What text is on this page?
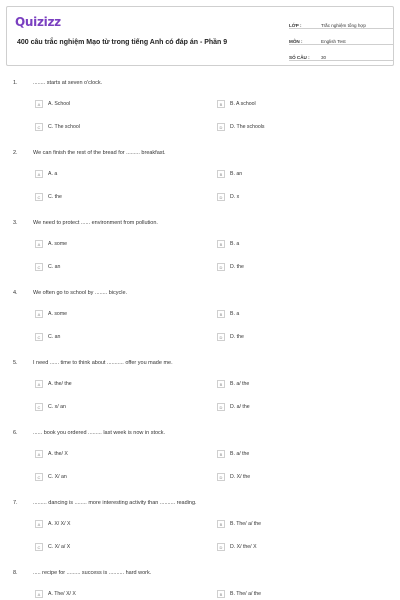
Quizizz
400 câu trắc nghiệm Mạo từ trong tiếng Anh có đáp án - Phần 9
LỚP :	Trắc nghiệm tổng hợp
MÔN :	English Test
SỐ CÂU :	30
1.	........ starts at seven o'clock.
A	A. School	B	B. A school
C	C. The school	D	D. The schools
2.	We can finish the rest of the bread for ......... breakfast.
A	A. a	B	B. an
C	C. the	D	D. x
3.	We need to protect ...... environment from pollution.
A	A. some	B	B. a
C	C. an	D	D. the
4.	We often go to school by ........ bicycle.
A	A. some	B	B. a
C	C. an	D	D. the
5.	I need ...... time to think about ........... offer you made me.
A	A. the/ the	B	B. a/ the
C	C. x/ an	D	D. a/ the
6.	...... book you ordered ......... last week is now in stock.
A	A. the/ X	B	B. a/ the
C	C. X/ an	D	D. X/ the
7.	......... dancing is ........ more interesting activity than .......... reading.
A	A. X/ X/ X	B	B. The/ a/ the
C	C. X/ a/ X	D	D. X/ the/ X
8.	..... recipe for ......... success is .......... hard work.
A	A. The/ X/ X	B	B. The/ a/ the
